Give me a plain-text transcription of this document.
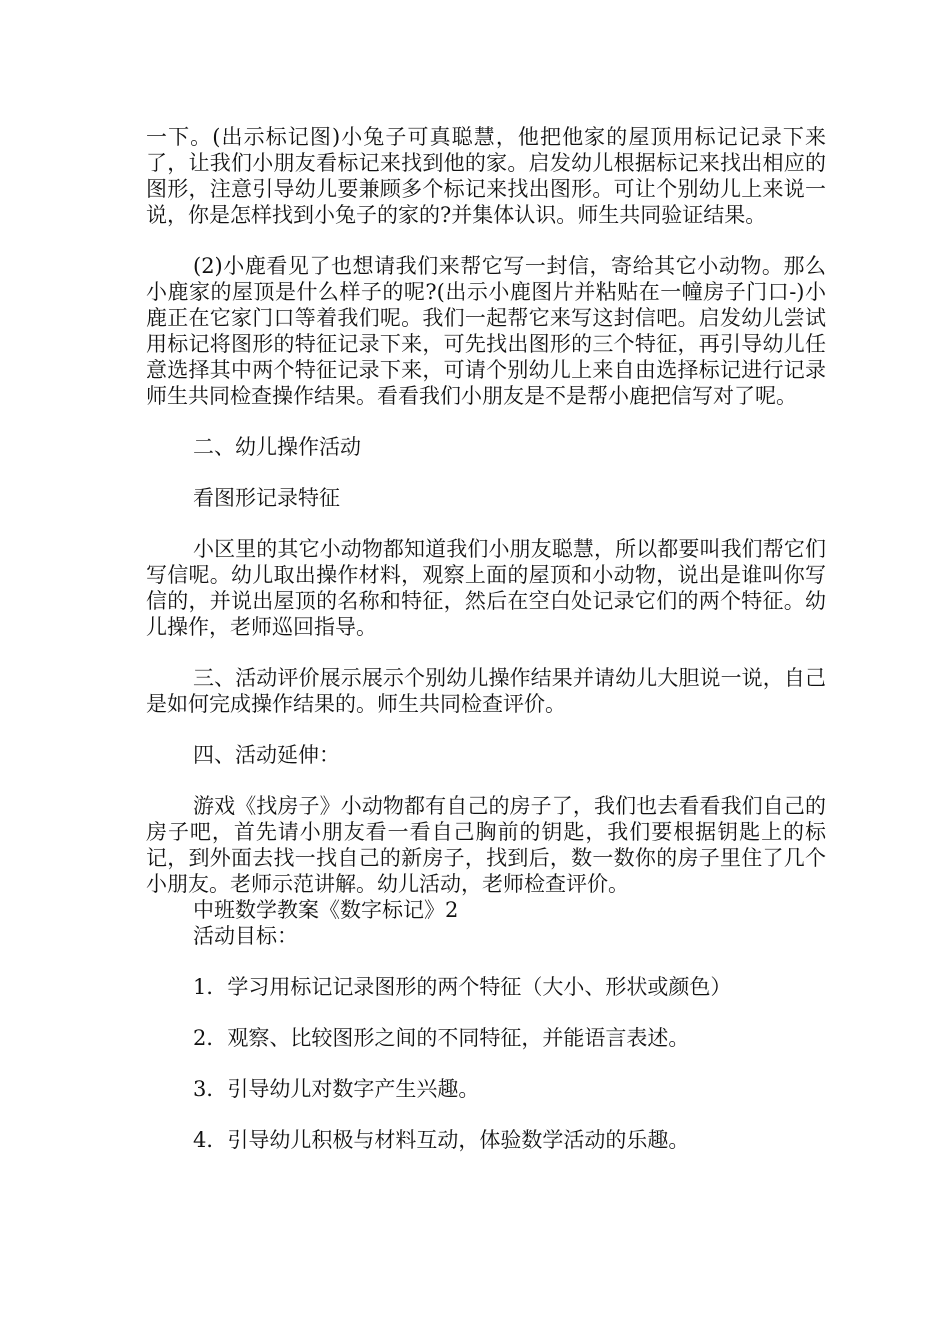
一下。(出示标记图)小兔子可真聪慧，他把他家的屋顶用标记记录下来了，让我们小朋友看标记来找到他的家。启发幼儿根据标记来找出相应的图形，注意引导幼儿要兼顾多个标记来找出图形。可让个别幼儿上来说一说，你是怎样找到小兔子的家的?并集体认识。师生共同验证结果。

(2)小鹿看见了也想请我们来帮它写一封信，寄给其它小动物。那么小鹿家的屋顶是什么样子的呢?(出示小鹿图片并粘贴在一幢房子门口-)小鹿正在它家门口等着我们呢。我们一起帮它来写这封信吧。启发幼儿尝试用标记将图形的特征记录下来，可先找出图形的三个特征，再引导幼儿任意选择其中两个特征记录下来，可请个别幼儿上来自由选择标记进行记录师生共同检查操作结果。看看我们小朋友是不是帮小鹿把信写对了呢。

二、幼儿操作活动

看图形记录特征

小区里的其它小动物都知道我们小朋友聪慧，所以都要叫我们帮它们写信呢。幼儿取出操作材料，观察上面的屋顶和小动物，说出是谁叫你写信的，并说出屋顶的名称和特征，然后在空白处记录它们的两个特征。幼儿操作，老师巡回指导。

三、活动评价展示展示个别幼儿操作结果并请幼儿大胆说一说，自己是如何完成操作结果的。师生共同检查评价。

四、活动延伸：

游戏《找房子》小动物都有自己的房子了，我们也去看看我们自己的房子吧，首先请小朋友看一看自己胸前的钥匙，我们要根据钥匙上的标记，到外面去找一找自己的新房子，找到后，数一数你的房子里住了几个小朋友。老师示范讲解。幼儿活动，老师检查评价。

中班数学教案《数字标记》2

活动目标：

1．学习用标记记录图形的两个特征（大小、形状或颜色）

2．观察、比较图形之间的不同特征，并能语言表述。

3．引导幼儿对数字产生兴趣。

4．引导幼儿积极与材料互动，体验数学活动的乐趣。
